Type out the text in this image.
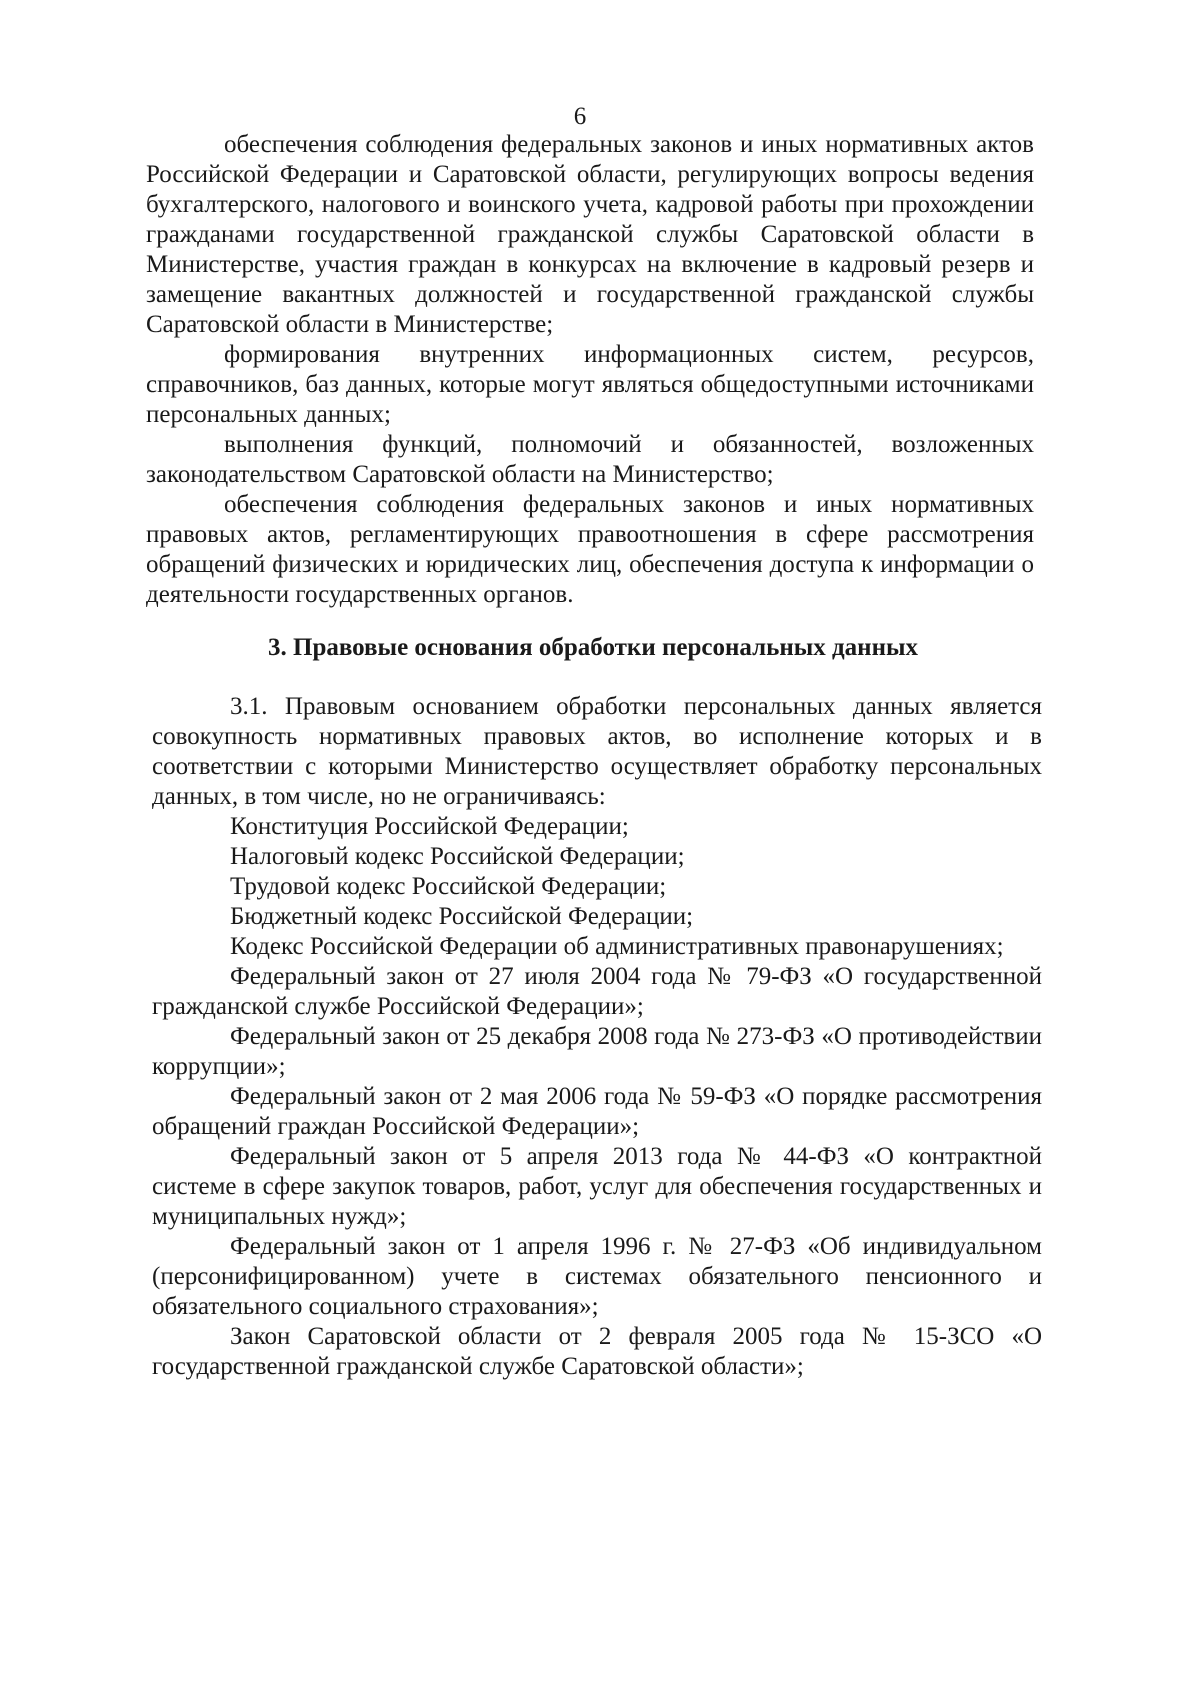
6

обеспечения соблюдения федеральных законов и иных нормативных актов Российской Федерации и Саратовской области, регулирующих вопросы ведения бухгалтерского, налогового и воинского учета, кадровой работы при прохождении гражданами государственной гражданской службы Саратовской области в Министерстве, участия граждан в конкурсах на включение в кадровый резерв и замещение вакантных должностей и государственной гражданской службы Саратовской области в Министерстве;

формирования внутренних информационных систем, ресурсов, справочников, баз данных, которые могут являться общедоступными источниками персональных данных;

выполнения функций, полномочий и обязанностей, возложенных законодательством Саратовской области на Министерство;

обеспечения соблюдения федеральных законов и иных нормативных правовых актов, регламентирующих правоотношения в сфере рассмотрения обращений физических и юридических лиц, обеспечения доступа к информации о деятельности государственных органов.

3. Правовые основания обработки персональных данных

3.1. Правовым основанием обработки персональных данных является совокупность нормативных правовых актов, во исполнение которых и в соответствии с которыми Министерство осуществляет обработку персональных данных, в том числе, но не ограничиваясь:

Конституция Российской Федерации;

Налоговый кодекс Российской Федерации;

Трудовой кодекс Российской Федерации;

Бюджетный кодекс Российской Федерации;

Кодекс Российской Федерации об административных правонарушениях;

Федеральный закон от 27 июля 2004 года № 79-ФЗ «О государственной гражданской службе Российской Федерации»;

Федеральный закон от 25 декабря 2008 года № 273-ФЗ «О противодействии коррупции»;

Федеральный закон от 2 мая 2006 года № 59-ФЗ «О порядке рассмотрения обращений граждан Российской Федерации»;

Федеральный закон от 5 апреля 2013 года № 44-ФЗ «О контрактной системе в сфере закупок товаров, работ, услуг для обеспечения государственных и муниципальных нужд»;

Федеральный закон от 1 апреля 1996 г. № 27-ФЗ «Об индивидуальном (персонифицированном) учете в системах обязательного пенсионного и обязательного социального страхования»;

Закон Саратовской области от 2 февраля 2005 года № 15-ЗСО «О государственной гражданской службе Саратовской области»;
